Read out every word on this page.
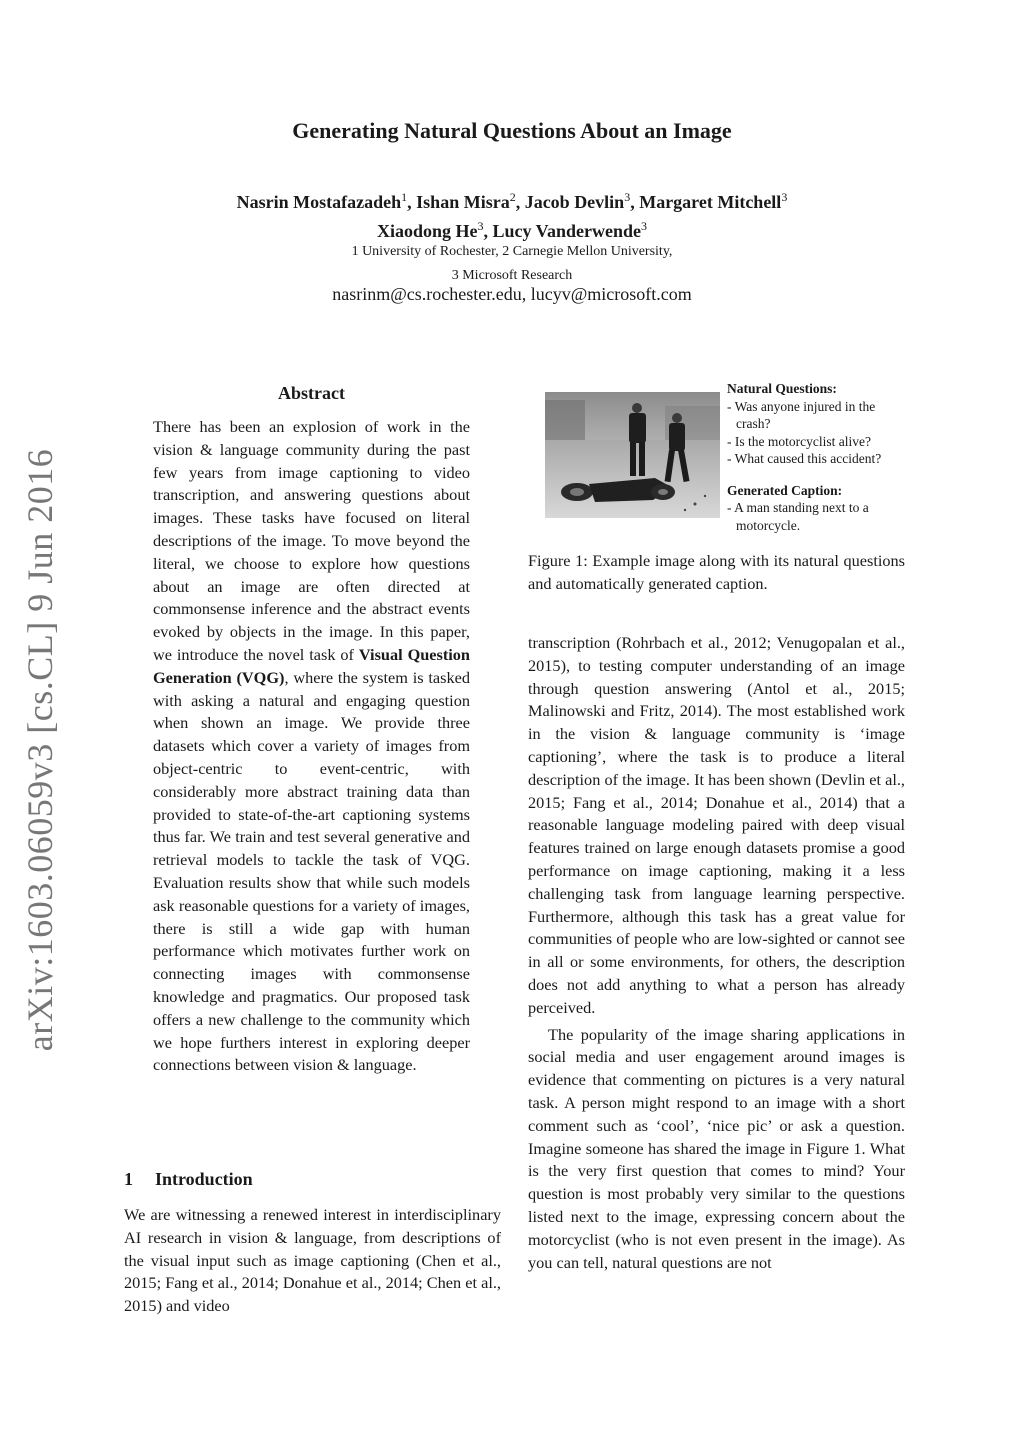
arXiv:1603.06059v3 [cs.CL] 9 Jun 2016
Generating Natural Questions About an Image
Nasrin Mostafazadeh$^1$, Ishan Misra$^2$, Jacob Devlin$^3$, Margaret Mitchell$^3$
Xiaodong He$^3$, Lucy Vanderwende$^3$
1 University of Rochester, 2 Carnegie Mellon University,
3 Microsoft Research
nasrinm@cs.rochester.edu, lucyv@microsoft.com
Abstract

There has been an explosion of work in the vision & language community during the past few years from image captioning to video transcription, and answering questions about images. These tasks have focused on literal descriptions of the image. To move beyond the literal, we choose to explore how questions about an image are often directed at commonsense inference and the abstract events evoked by objects in the image. In this paper, we introduce the novel task of Visual Question Generation (VQG), where the system is tasked with asking a natural and engaging question when shown an image. We provide three datasets which cover a variety of images from object-centric to event-centric, with considerably more abstract training data than provided to state-of-the-art captioning systems thus far. We train and test several generative and retrieval models to tackle the task of VQG. Evaluation results show that while such models ask reasonable questions for a variety of images, there is still a wide gap with human performance which motivates further work on connecting images with commonsense knowledge and pragmatics. Our proposed task offers a new challenge to the community which we hope furthers interest in exploring deeper connections between vision & language.

1 Introduction

We are witnessing a renewed interest in interdisciplinary AI research in vision & language, from descriptions of the visual input such as image captioning (Chen et al., 2015; Fang et al., 2014; Donahue et al., 2014; Chen et al., 2015) and video

Natural Questions:
- Was anyone injured in the crash?
- Is the motorcyclist alive?
- What caused this accident?
Generated Caption:
- A man standing next to a motorcycle.

Figure 1: Example image along with its natural questions and automatically generated caption.

transcription (Rohrbach et al., 2012; Venugopalan et al., 2015), to testing computer understanding of an image through question answering (Antol et al., 2015; Malinowski and Fritz, 2014). The most established work in the vision & language community is ‘image captioning’, where the task is to produce a literal description of the image. It has been shown (Devlin et al., 2015; Fang et al., 2014; Donahue et al., 2014) that a reasonable language modeling paired with deep visual features trained on large enough datasets promise a good performance on image captioning, making it a less challenging task from language learning perspective. Furthermore, although this task has a great value for communities of people who are low-sighted or cannot see in all or some environments, for others, the description does not add anything to what a person has already perceived.

The popularity of the image sharing applications in social media and user engagement around images is evidence that commenting on pictures is a very natural task. A person might respond to an image with a short comment such as ‘cool’, ‘nice pic’ or ask a question. Imagine someone has shared the image in Figure 1. What is the very first question that comes to mind? Your question is most probably very similar to the questions listed next to the image, expressing concern about the motorcyclist (who is not even present in the image). As you can tell, natural questions are not
